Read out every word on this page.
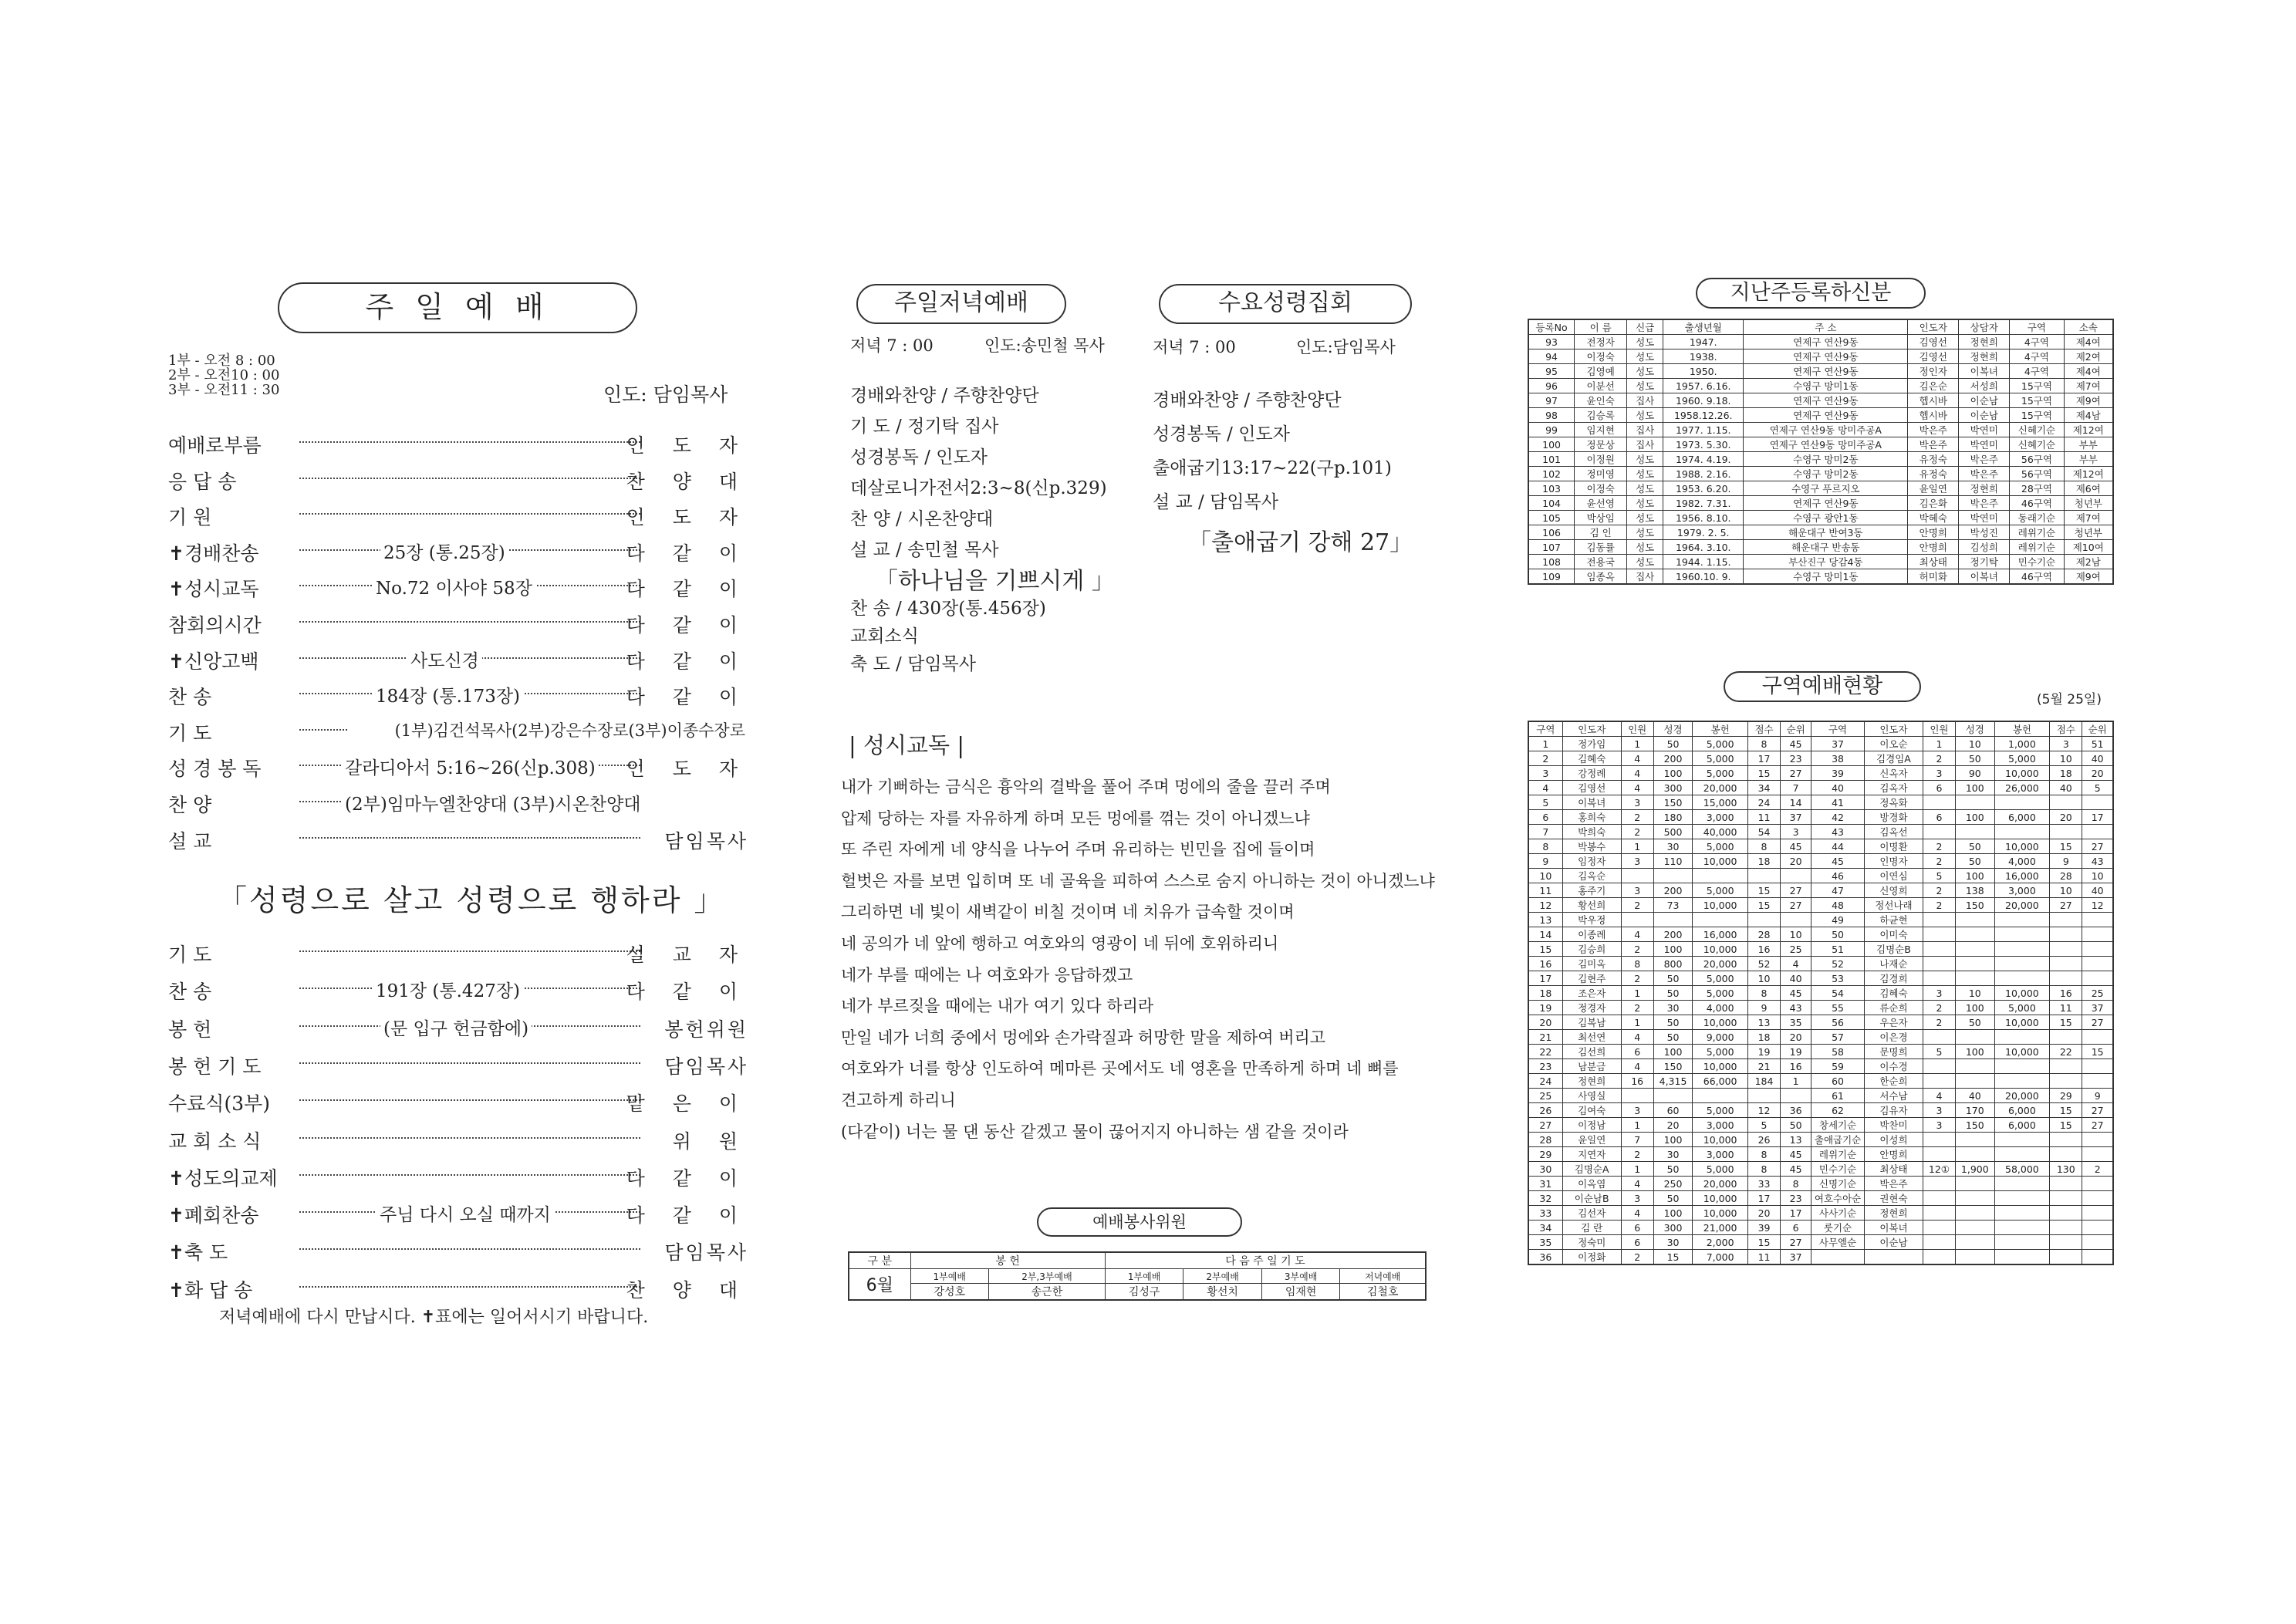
주 일 예 배
1부 - 오전 8 : 00
2부 - 오전10 : 00
3부 - 오전11 : 30	인도: 담임목사
예배로부름	인 도 자
응 답 송	찬 양 대
기 원	인 도 자
✝경배찬송	25장 (통.25장)	다 같 이
✝성시교독	No.72 이사야 58장	다 같 이
참회의시간	다 같 이
✝신앙고백	사도신경	다 같 이
찬 송	184장 (통.173장)	다 같 이
기 도	(1부)김건석목사(2부)강은수장로(3부)이종수장로
성 경 봉 독	갈라디아서 5:16~26(신p.308) 인 도 자
찬 양	(2부)임마누엘찬양대 (3부)시온찬양대
설 교	담임목사
「성령으로 살고 성령으로 행하라 」
기 도	설 교 자
찬 송	191장 (통.427장)	다 같 이
봉 헌	(문 입구 헌금함에)	봉헌위원
봉 헌 기 도	담임목사
수료식(3부)	맡 은 이
교 회 소 식	위 원
✝성도의교제	다 같 이
✝폐회찬송	주님 다시 오실 때까지	다 같 이
✝축 도	담임목사
✝화 답 송	찬 양 대
저녁예배에 다시 만납시다. ✝표에는 일어서시기 바랍니다.
주일저녁예배
저녁 7 : 00	인도:송민철 목사
경배와찬양 / 주향찬양단
기 도 / 정기탁 집사
성경봉독 / 인도자
데살로니가전서2:3~8(신p.329)
찬 양 / 시온찬양대
설 교 / 송민철 목사
「하나님을 기쁘시게 」
찬 송 / 430장(통.456장)
교회소식
축 도 / 담임목사
수요성령집회
저녁 7 : 00	인도:담임목사
경배와찬양 / 주향찬양단
성경봉독 / 인도자
출애굽기13:17~22(구p.101)
설 교 / 담임목사
「출애굽기 강해 27」
| 성시교독 |
내가 기뻐하는 금식은 흉악의 결박을 풀어 주며 멍에의 줄을 끌러 주며
압제 당하는 자를 자유하게 하며 모든 멍에를 꺾는 것이 아니겠느냐
또 주린 자에게 네 양식을 나누어 주며 유리하는 빈민을 집에 들이며
헐벗은 자를 보면 입히며 또 네 골육을 피하여 스스로 숨지 아니하는 것이 아니겠느냐
그리하면 네 빛이 새벽같이 비칠 것이며 네 치유가 급속할 것이며
네 공의가 네 앞에 행하고 여호와의 영광이 네 뒤에 호위하리니
네가 부를 때에는 나 여호와가 응답하겠고
네가 부르짖을 때에는 내가 여기 있다 하리라
만일 네가 너희 중에서 멍에와 손가락질과 허망한 말을 제하여 버리고
여호와가 너를 항상 인도하여 메마른 곳에서도 네 영혼을 만족하게 하며 네 뼈를
견고하게 하리니
(다같이) 너는 물 댄 동산 같겠고 물이 끊어지지 아니하는 샘 같을 것이라
예배봉사위원
구 분	봉 헌		다 음 주 일 기 도			
6월	1부예배	2부,3부예배	1부예배	2부예배	3부예배	저녁예배
	강성호	송근한	김성구	황선치	임재현	김철호
지난주등록하신분
등록No	이 름	신급	출생년월	주 소	인도자	상담자	구역	소속
93	전정자	성도	1947.	연제구 연산9동	김영선	정현희	4구역	제4여
94	이정숙	성도	1938.	연제구 연산9동	김영선	정현희	4구역	제2여
95	김영예	성도	1950.	연제구 연산9동	정인자	이복녀	4구역	제4여
96	이분선	성도	1957. 6.16.	수영구 망미1동	김은순	서성희	15구역	제7여
97	윤인숙	집사	1960. 9.18.	연제구 연산9동	헵시바	이순남	15구역	제9여
98	김승록	성도	1958.12.26.	연제구 연산9동	헵시바	이순남	15구역	제4남
99	임지현	집사	1977. 1.15.	연제구 연산9동 망미주공A	박은주	박연미	신혜기순	제12여
100	정문상	집사	1973. 5.30.	연제구 연산9동 망미주공A	박은주	박연미	신혜기순	부부
101	이정원	성도	1974. 4.19.	수영구 망미2동	유정숙	박은주	56구역	부부
102	정미영	성도	1988. 2.16.	수영구 망미2동	유정숙	박은주	56구역	제12여
103	이정숙	성도	1953. 6.20.	수영구 푸르지오	윤일연	정현희	28구역	제6여
104	윤선영	성도	1982. 7.31.	연제구 연산9동	김은화	박은주	46구역	청년부
105	박상임	성도	1956. 8.10.	수영구 광안1동	박혜숙	박연미	동래기순	제7여
106	김 인	성도	1979. 2. 5.	해운대구 반여3동	안명희	박성진	레위기순	청년부
107	김동률	성도	1964. 3.10.	해운대구 반송동	안명희	김성희	레위기순	제10여
108	전용국	성도	1944. 1.15.	부산진구 당감4동	최상태	정기탁	민수기순	제2남
109	임종옥	집사	1960.10. 9.	수영구 망미1동	허미화	이복녀	46구역	제9여
구역예배현황
(5월 25일)
구역	인도자	인원	성경	봉헌	점수	순위	구역	인도자	인원	성경	봉헌	점수	순위
1	정가임	1	50	5,000	8	45	37	이오순	1	10	1,000	3	51
2	김혜숙	4	200	5,000	17	23	38	김경임A	2	50	5,000	10	40
3	강정례	4	100	5,000	15	27	39	신옥자	3	90	10,000	18	20
4	김영선	4	300	20,000	34	7	40	김옥자	6	100	26,000	40	5
5	이복녀	3	150	15,000	24	14	41	정옥화					
6	홍희숙	2	180	3,000	11	37	42	방경화	6	100	6,000	20	17
7	박희숙	2	500	40,000	54	3	43	김옥선					
8	박봉수	1	30	5,000	8	45	44	이명환	2	50	10,000	15	27
9	임정자	3	110	10,000	18	20	45	인명자	2	50	4,000	9	43
10	김옥순						46	이연심	5	100	16,000	28	10
11	홍주기	3	200	5,000	15	27	47	신영희	2	138	3,000	10	40
12	황선희	2	73	10,000	15	27	48	정선나래	2	150	20,000	27	12
13	박우정						49	하균현					
14	이종례	4	200	16,000	28	10	50	이미숙					
15	김승희	2	100	10,000	16	25	51	김명순B					
16	김미옥	8	800	20,000	52	4	52	나재순					
17	김현주	2	50	5,000	10	40	53	김경희					
18	조은자	1	50	5,000	8	45	54	김혜숙	3	10	10,000	16	25
19	정경자	2	30	4,000	9	43	55	류순희	2	100	5,000	11	37
20	김복남	1	50	10,000	13	35	56	우은자	2	50	10,000	15	27
21	최선연	4	50	9,000	18	20	57	이은경					
22	김선희	6	100	5,000	19	19	58	문명희	5	100	10,000	22	15
23	남분금	4	150	10,000	21	16	59	이수경					
24	정현희	16	4,315	66,000	184	1	60	한순희					
25	사영실						61	서수남	4	40	20,000	29	9
26	김여숙	3	60	5,000	12	36	62	김유자	3	170	6,000	15	27
27	이정남	1	20	3,000	5	50	창세기순	박찬미	3	150	6,000	15	27
28	윤일연	7	100	10,000	26	13	출애굽기순	이성희					
29	지연자	2	30	3,000	8	45	레위기순	안명희					
30	김명순A	1	50	5,000	8	45	민수기순	최상태	12①	1,900	58,000	130	2
31	이옥염	4	250	20,000	33	8	신명기순	박은주					
32	이순남B	3	50	10,000	17	23	여호수아순	권현숙					
33	김선자	4	100	10,000	20	17	사사기순	정현희					
34	김 란	6	300	21,000	39	6	룻기순	이복녀					
35	정숙미	6	30	2,000	15	27	사무엘순	이순남					
36	이정화	2	15	7,000	11	37							
